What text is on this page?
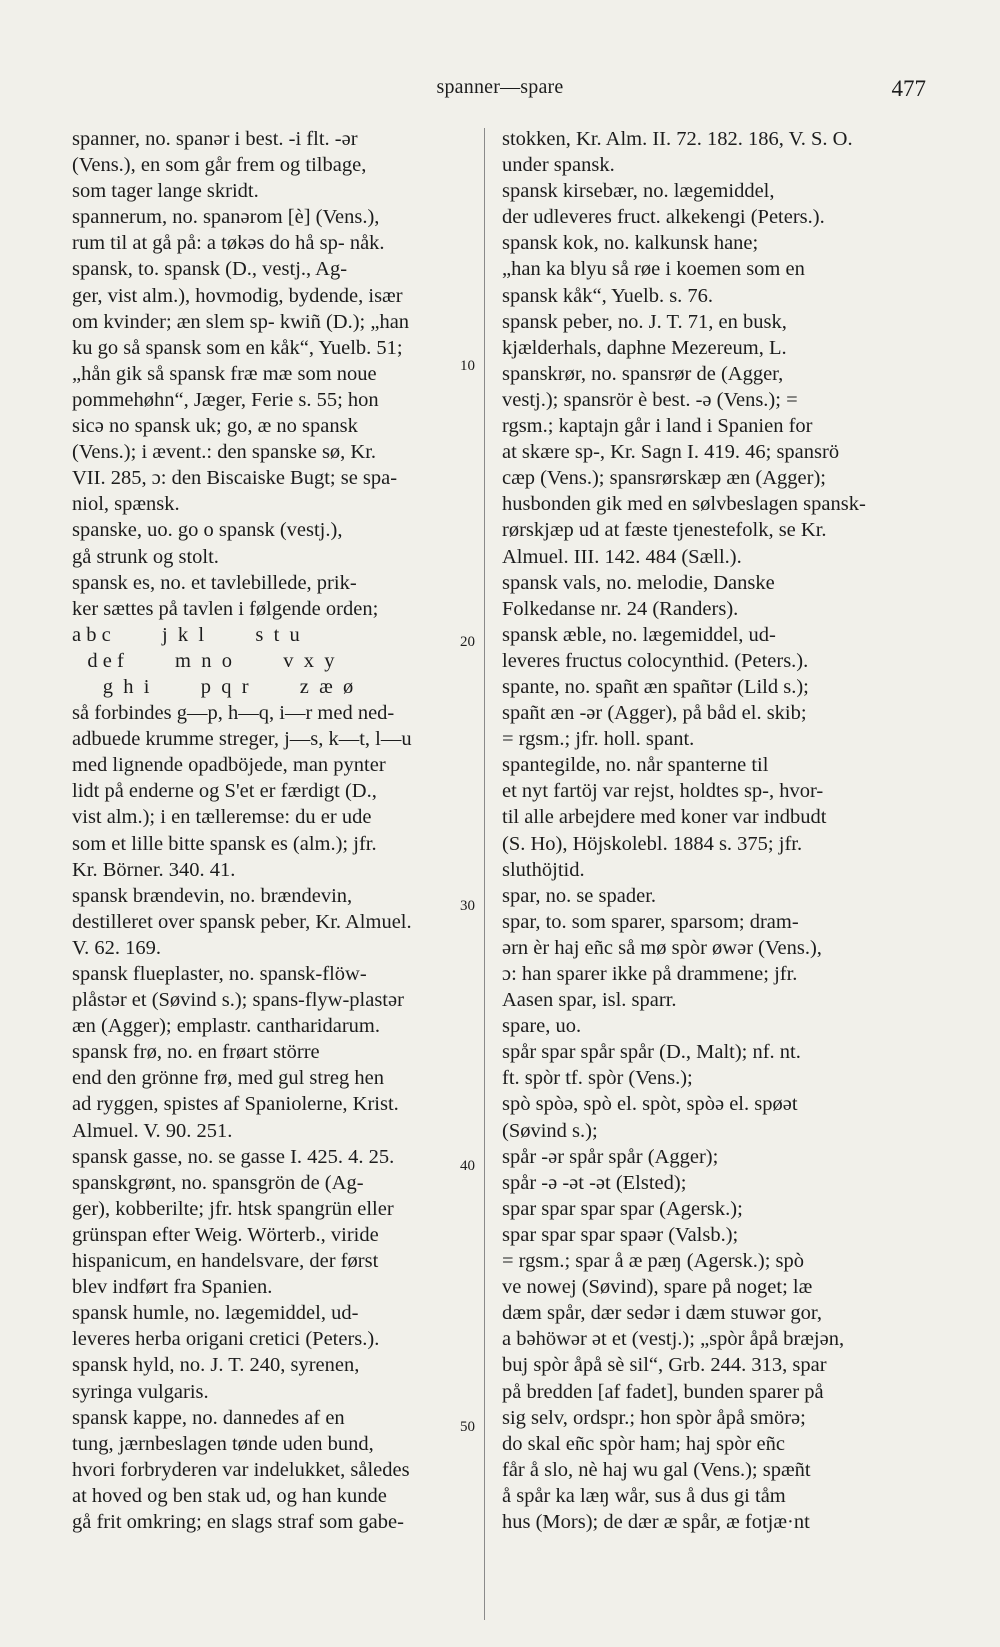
spanner—spare	477
spanner, no. spanər i best. -i flt. -ər
(Vens.), en som går frem og tilbage,
som tager lange skridt.
spannerum, no. spanərom [è] (Vens.),
rum til at gå på: a tøkəs do hå sp- nåk.
spansk, to. spansk (D., vestj., Ag-
ger, vist alm.), hovmodig, bydende, især
om kvinder; æn slem sp- kwiñ (D.); „han
ku go så spansk som en kåk“, Yuelb. 51;
„hån gik så spansk fræ mæ som noue
pommehøhn“, Jæger, Ferie s. 55; hon
sicə no spansk uk; go, æ no spansk
(Vens.); i ævent.: den spanske sø, Kr.
VII. 285, ɔ: den Biscaiske Bugt; se spa-
niol, spænsk.
spanske, uo. go o spansk (vestj.),
gå strunk og stolt.
spansk es, no. et tavlebillede, prik-
ker sættes på tavlen i følgende orden;
a b c          j  k  l          s  t  u
d e f          m  n  o          v  x  y
g  h  i          p  q  r          z  æ  ø
så forbindes g—p, h—q, i—r med ned-
adbuede krumme streger, j—s, k—t, l—u
med lignende opadböjede, man pynter
lidt på enderne og S'et er færdigt (D.,
vist alm.); i en tælleremse: du er ude
som et lille bitte spansk es (alm.); jfr.
Kr. Börner. 340. 41.
spansk brændevin, no. brændevin,
destilleret over spansk peber, Kr. Almuel.
V. 62. 169.
spansk flueplaster, no. spansk-flöw-
plåstər et (Søvind s.); spans-flyw-plastər
æn (Agger); emplastr. cantharidarum.
spansk frø, no. en frøart större
end den grönne frø, med gul streg hen
ad ryggen, spistes af Spaniolerne, Krist.
Almuel. V. 90. 251.
spansk gasse, no. se gasse I. 425. 4. 25.
spanskgrønt, no. spansgrön de (Ag-
ger), kobberilte; jfr. htsk spangrün eller
grünspan efter Weig. Wörterb., viride
hispanicum, en handelsvare, der først
blev indført fra Spanien.
spansk humle, no. lægemiddel, ud-
leveres herba origani cretici (Peters.).
spansk hyld, no. J. T. 240, syrenen,
syringa vulgaris.
spansk kappe, no. dannedes af en
tung, jærnbeslagen tønde uden bund,
hvori forbryderen var indelukket, således
at hoved og ben stak ud, og han kunde
gå frit omkring; en slags straf som gabe-
stokken, Kr. Alm. II. 72. 182. 186, V. S. O.
under spansk.
spansk kirsebær, no. lægemiddel,
der udleveres fruct. alkekengi (Peters.).
spansk kok, no. kalkunsk hane;
„han ka blyu så røe i koemen som en
spansk kåk“, Yuelb. s. 76.
spansk peber, no. J. T. 71, en busk,
kjælderhals, daphne Mezereum, L.
spanskrør, no. spansrør de (Agger,
vestj.); spansrör è best. -ə (Vens.); =
rgsm.; kaptajn går i land i Spanien for
at skære sp-, Kr. Sagn I. 419. 46; spansrö
cæp (Vens.); spansrørskæp æn (Agger);
husbonden gik med en sølvbeslagen spansk-
rørskjæp ud at fæste tjenestefolk, se Kr.
Almuel. III. 142. 484 (Sæll.).
spansk vals, no. melodie, Danske
Folkedanse nr. 24 (Randers).
spansk æble, no. lægemiddel, ud-
leveres fructus colocynthid. (Peters.).
spante, no. spañt æn spañtər (Lild s.);
spañt æn -ər (Agger), på båd el. skib;
= rgsm.; jfr. holl. spant.
spantegilde, no. når spanterne til
et nyt fartöj var rejst, holdtes sp-, hvor-
til alle arbejdere med koner var indbudt
(S. Ho), Höjskolebl. 1884 s. 375; jfr.
sluthöjtid.
spar, no. se spader.
spar, to. som sparer, sparsom; dram-
ərn èr haj eñc så mø spòr øwər (Vens.),
ɔ: han sparer ikke på drammene; jfr.
Aasen spar, isl. sparr.
spare, uo.
spår spar spår spår (D., Malt); nf. nt.
ft. spòr tf. spòr (Vens.);
spò spòə, spò el. spòt, spòə el. spøət
(Søvind s.);
spår -ər spår spår (Agger);
spår -ə -ət -ət (Elsted);
spar spar spar spar (Agersk.);
spar spar spar spaər (Valsb.);
= rgsm.; spar å æ pæŋ (Agersk.); spò
ve nowej (Søvind), spare på noget; læ
dæm spår, dær sedər i dæm stuwər gor,
a bəhöwər ət et (vestj.); „spòr åpå bræjən,
buj spòr åpå sè sil“, Grb. 244. 313, spar
på bredden [af fadet], bunden sparer på
sig selv, ordspr.; hon spòr åpå smörə;
do skal eñc spòr ham; haj spòr eñc
får å slo, nè haj wu gal (Vens.); spæñt
å spår ka læŋ wår, sus å dus gi tåm
hus (Mors); de dær æ spår, æ fotjæ·nt
10
20
30
40
50
